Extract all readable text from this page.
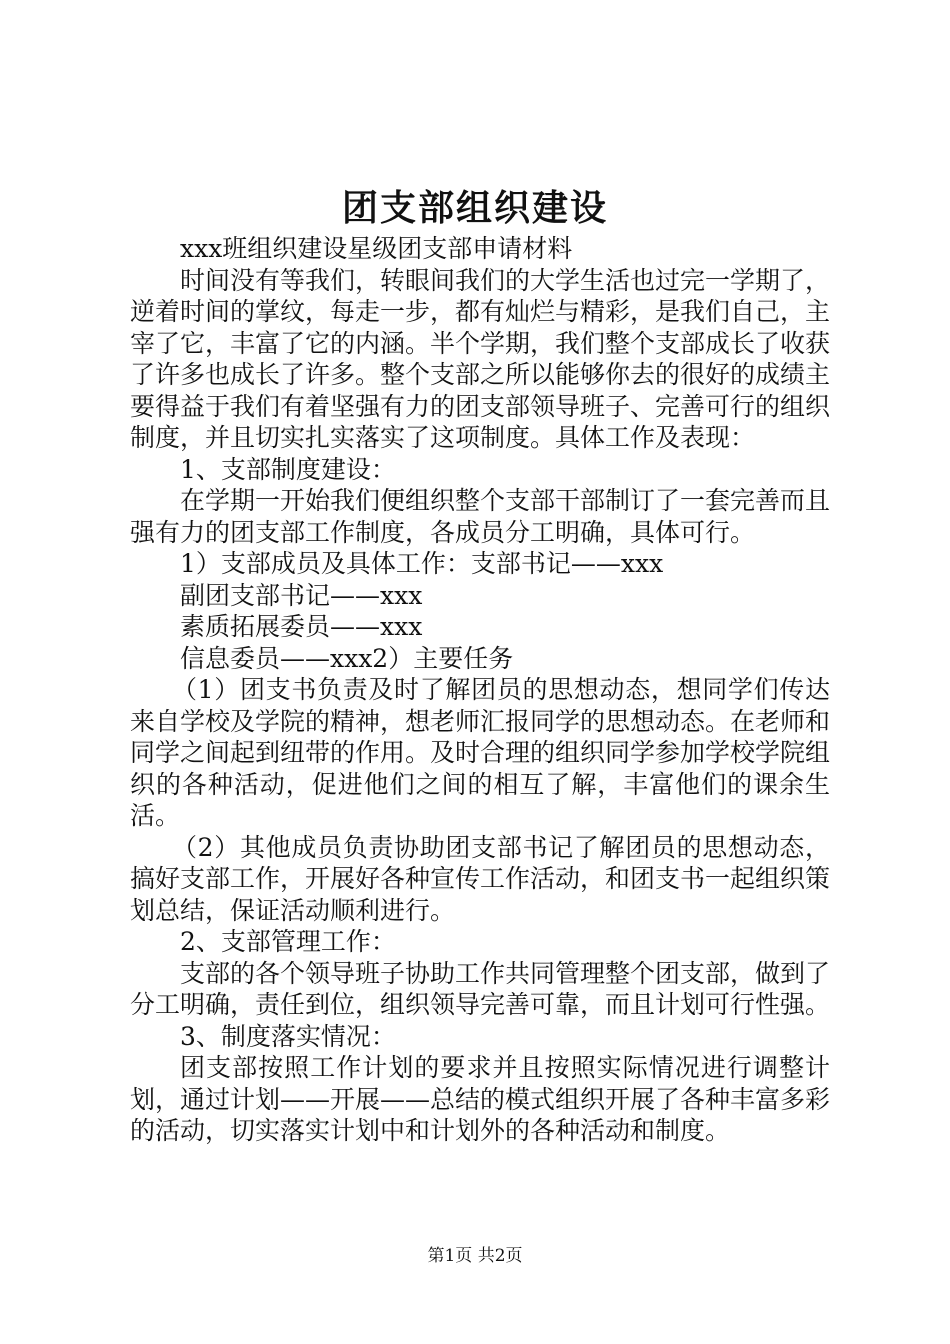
团支部组织建设

xxx班组织建设星级团支部申请材料

时间没有等我们，转眼间我们的大学生活也过完一学期了，逆着时间的掌纹，每走一步，都有灿烂与精彩，是我们自己，主宰了它，丰富了它的内涵。半个学期，我们整个支部成长了收获了许多也成长了许多。整个支部之所以能够你去的很好的成绩主要得益于我们有着坚强有力的团支部领导班子、完善可行的组织制度，并且切实扎实落实了这项制度。具体工作及表现：

1、支部制度建设：

在学期一开始我们便组织整个支部干部制订了一套完善而且强有力的团支部工作制度，各成员分工明确，具体可行。

1）支部成员及具体工作：支部书记——xxx

副团支部书记——xxx

素质拓展委员——xxx

信息委员——xxx2）主要任务

（1）团支书负责及时了解团员的思想动态，想同学们传达来自学校及学院的精神，想老师汇报同学的思想动态。在老师和同学之间起到纽带的作用。及时合理的组织同学参加学校学院组织的各种活动，促进他们之间的相互了解，丰富他们的课余生活。

（2）其他成员负责协助团支部书记了解团员的思想动态，搞好支部工作，开展好各种宣传工作活动，和团支书一起组织策划总结，保证活动顺利进行。

2、支部管理工作：

支部的各个领导班子协助工作共同管理整个团支部，做到了分工明确，责任到位，组织领导完善可靠，而且计划可行性强。

3、制度落实情况：

团支部按照工作计划的要求并且按照实际情况进行调整计划，通过计划——开展——总结的模式组织开展了各种丰富多彩的活动，切实落实计划中和计划外的各种活动和制度。

第1页 共2页
